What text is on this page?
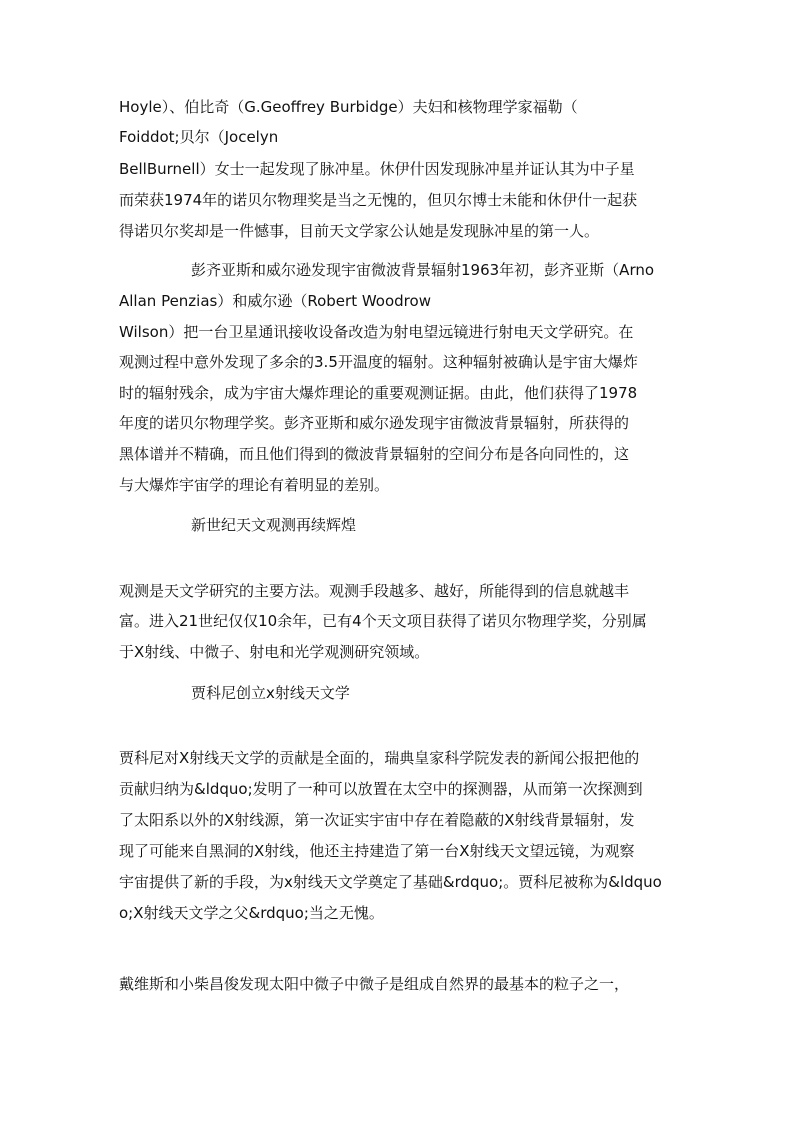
Hoyle）、伯比奇（G.Geoffrey Burbidge）夫妇和核物理学家福勒（
Foiddot;贝尔（Jocelyn
BellBurnell）女士一起发现了脉冲星。休伊什因发现脉冲星并证认其为中子星
而荣获1974年的诺贝尔物理奖是当之无愧的，但贝尔博士未能和休伊什一起获
得诺贝尔奖却是一件憾事，目前天文学家公认她是发现脉冲星的第一人。
彭齐亚斯和威尔逊发现宇宙微波背景辐射1963年初，彭齐亚斯（Arno
Allan Penzias）和威尔逊（Robert Woodrow
Wilson）把一台卫星通讯接收设备改造为射电望远镜进行射电天文学研究。在
观测过程中意外发现了多余的3.5开温度的辐射。这种辐射被确认是宇宙大爆炸
时的辐射残余，成为宇宙大爆炸理论的重要观测证据。由此，他们获得了1978
年度的诺贝尔物理学奖。彭齐亚斯和威尔逊发现宇宙微波背景辐射，所获得的
黑体谱并不精确，而且他们得到的微波背景辐射的空间分布是各向同性的，这
与大爆炸宇宙学的理论有着明显的差别。
新世纪天文观测再续辉煌
观测是天文学研究的主要方法。观测手段越多、越好，所能得到的信息就越丰
富。进入21世纪仅仅10余年，已有4个天文项目获得了诺贝尔物理学奖，分别属
于X射线、中微子、射电和光学观测研究领域。
贾科尼创立x射线天文学
贾科尼对X射线天文学的贡献是全面的，瑞典皇家科学院发表的新闻公报把他的
贡献归纳为&ldquo;发明了一种可以放置在太空中的探测器，从而第一次探测到
了太阳系以外的X射线源，第一次证实宇宙中存在着隐蔽的X射线背景辐射，发
现了可能来自黑洞的X射线，他还主持建造了第一台X射线天文望远镜，为观察
宇宙提供了新的手段，为x射线天文学奠定了基础&rdquo;。贾科尼被称为&ldquo
o;X射线天文学之父&rdquo;当之无愧。
戴维斯和小柴昌俊发现太阳中微子中微子是组成自然界的最基本的粒子之一，
